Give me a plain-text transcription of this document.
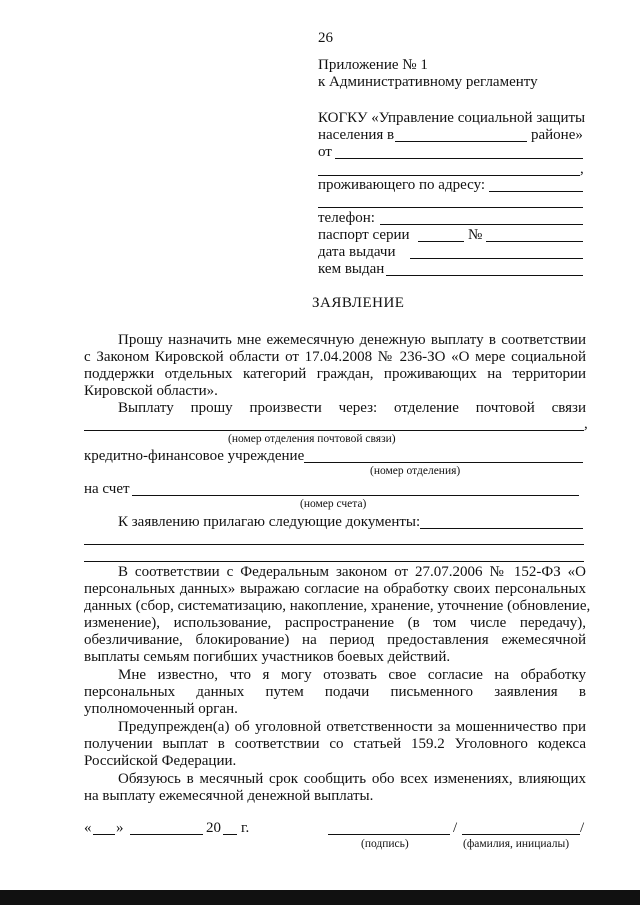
26
Приложение № 1
к Административному регламенту
КОГКУ «Управление социальной защиты
населения в	районе»
от
,
проживающего по адресу:
телефон:
паспорт серии	№
дата выдачи
кем выдан
ЗАЯВЛЕНИЕ
Прошу назначить мне ежемесячную денежную выплату в соответствии
с Законом Кировской области от 17.04.2008 № 236-ЗО «О мере социальной
поддержки отдельных категорий граждан, проживающих на территории
Кировской области».
Выплату прошу произвести через: отделение почтовой связи
,
(номер отделения почтовой связи)
кредитно-финансовое учреждение
(номер отделения)
на счет
(номер счета)
К заявлению прилагаю следующие документы:
В соответствии с Федеральным законом от 27.07.2006 № 152-ФЗ «О
персональных данных» выражаю согласие на обработку своих персональных
данных (сбор, систематизацию, накопление, хранение, уточнение (обновление,
изменение), использование, распространение (в том числе передачу),
обезличивание, блокирование) на период предоставления ежемесячной
выплаты семьям погибших участников боевых действий.
Мне известно, что я могу отозвать свое согласие на обработку
персональных данных путем подачи письменного заявления в
уполномоченный орган.
Предупрежден(а) об уголовной ответственности за мошенничество при
получении выплат в соответствии со статьей 159.2 Уголовного кодекса
Российской Федерации.
Обязуюсь в месячный срок сообщить обо всех изменениях, влияющих
на выплату ежемесячной денежной выплаты.
« »	20 г.	/	/
(подпись)	(фамилия, инициалы)
